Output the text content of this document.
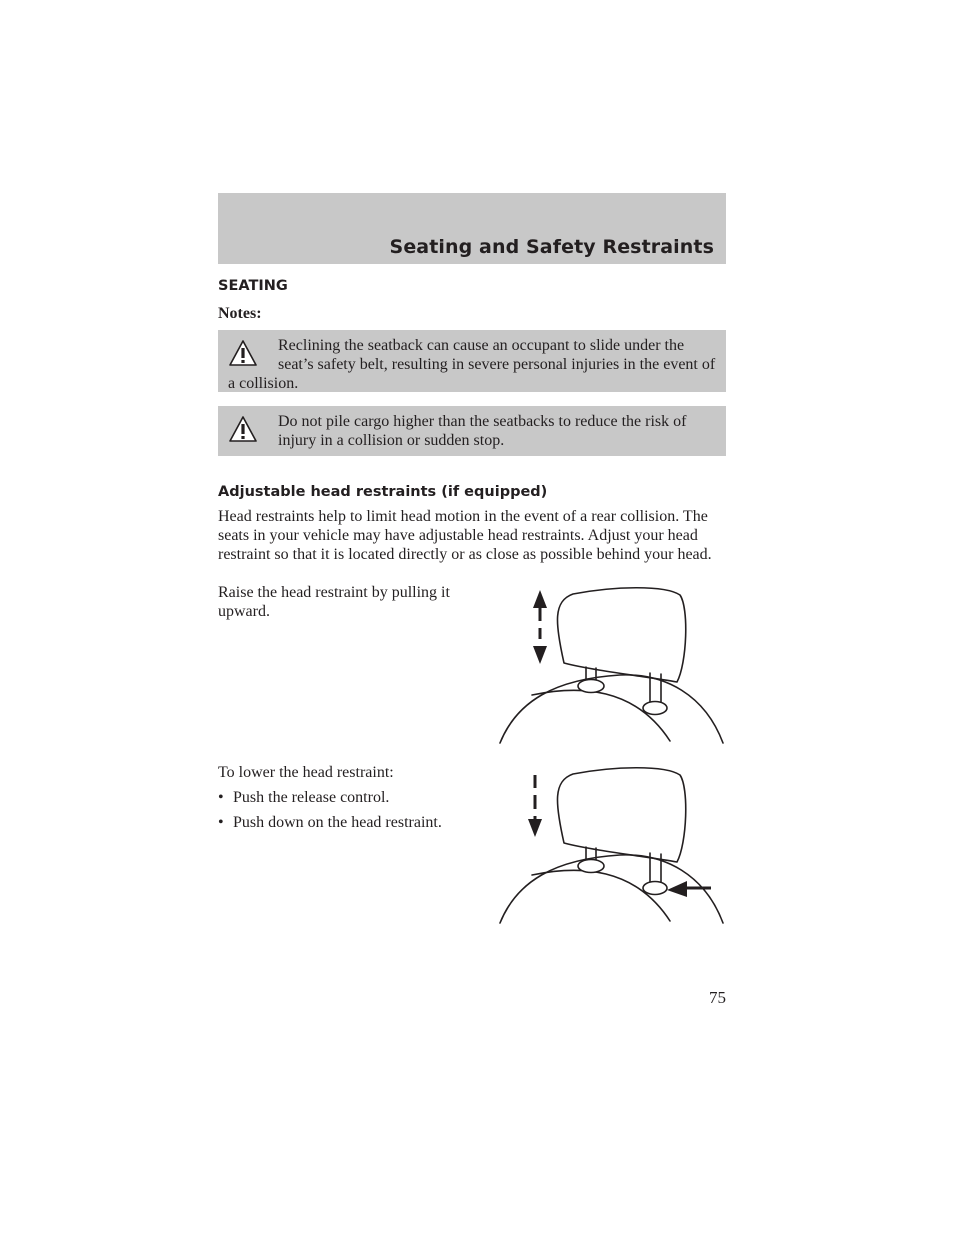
Seating and Safety Restraints
SEATING
Notes:
Reclining the seatback can cause an occupant to slide under the seat’s safety belt, resulting in severe personal injuries in the event of a collision.
Do not pile cargo higher than the seatbacks to reduce the risk of injury in a collision or sudden stop.
Adjustable head restraints (if equipped)

Head restraints help to limit head motion in the event of a rear collision. The seats in your vehicle may have adjustable head restraints. Adjust your head restraint so that it is located directly or as close as possible behind your head.

Raise the head restraint by pulling it upward.

To lower the head restraint:

• Push the release control.
• Push down on the head restraint.
75
